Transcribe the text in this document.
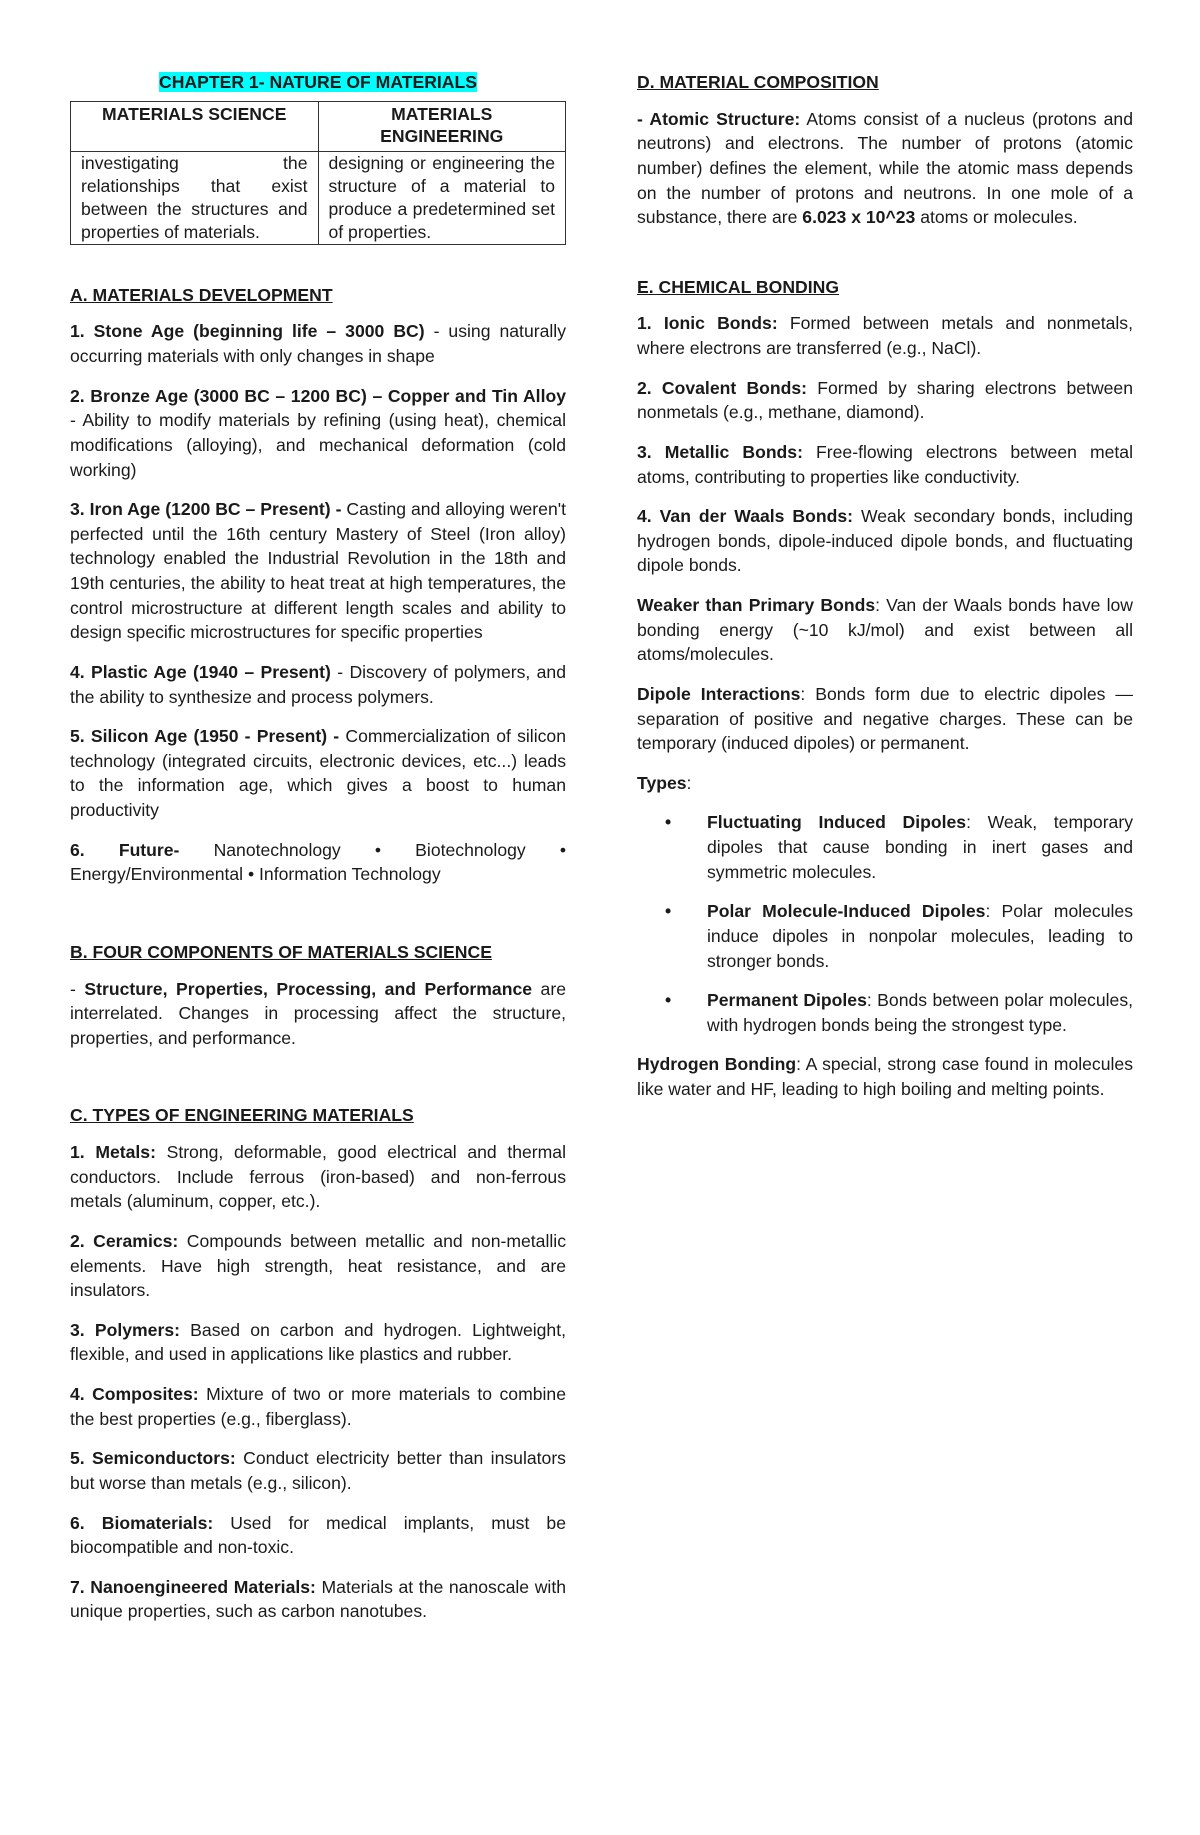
CHAPTER 1- NATURE OF MATERIALS
MATERIALS SCIENCE	MATERIALS ENGINEERING
investigating the relationships that exist between the structures and properties of materials.	designing or engineering the structure of a material to produce a predetermined set of properties.
A. MATERIALS DEVELOPMENT

1. Stone Age (beginning life – 3000 BC) - using naturally occurring materials with only changes in shape

2. Bronze Age (3000 BC – 1200 BC) – Copper and Tin Alloy - Ability to modify materials by refining (using heat), chemical modifications (alloying), and mechanical deformation (cold working)

3. Iron Age (1200 BC – Present) - Casting and alloying weren't perfected until the 16th century Mastery of Steel (Iron alloy) technology enabled the Industrial Revolution in the 18th and 19th centuries, the ability to heat treat at high temperatures, the control microstructure at different length scales and ability to design specific microstructures for specific properties

4. Plastic Age (1940 – Present) - Discovery of polymers, and the ability to synthesize and process polymers.

5. Silicon Age (1950 - Present) - Commercialization of silicon technology (integrated circuits, electronic devices, etc...) leads to the information age, which gives a boost to human productivity

6. Future- Nanotechnology • Biotechnology • Energy/Environmental • Information Technology

B. FOUR COMPONENTS OF MATERIALS SCIENCE

- Structure, Properties, Processing, and Performance are interrelated. Changes in processing affect the structure, properties, and performance.

C. TYPES OF ENGINEERING MATERIALS

1. Metals: Strong, deformable, good electrical and thermal conductors. Include ferrous (iron-based) and non-ferrous metals (aluminum, copper, etc.).

2. Ceramics: Compounds between metallic and non-metallic elements. Have high strength, heat resistance, and are insulators.

3. Polymers: Based on carbon and hydrogen. Lightweight, flexible, and used in applications like plastics and rubber.

4. Composites: Mixture of two or more materials to combine the best properties (e.g., fiberglass).

5. Semiconductors: Conduct electricity better than insulators but worse than metals (e.g., silicon).

6. Biomaterials: Used for medical implants, must be biocompatible and non-toxic.

7. Nanoengineered Materials: Materials at the nanoscale with unique properties, such as carbon nanotubes.

D. MATERIAL COMPOSITION

- Atomic Structure: Atoms consist of a nucleus (protons and neutrons) and electrons. The number of protons (atomic number) defines the element, while the atomic mass depends on the number of protons and neutrons. In one mole of a substance, there are 6.023 x 10^23 atoms or molecules.

E. CHEMICAL BONDING

1. Ionic Bonds: Formed between metals and nonmetals, where electrons are transferred (e.g., NaCl).

2. Covalent Bonds: Formed by sharing electrons between nonmetals (e.g., methane, diamond).

3. Metallic Bonds: Free-flowing electrons between metal atoms, contributing to properties like conductivity.

4. Van der Waals Bonds: Weak secondary bonds, including hydrogen bonds, dipole-induced dipole bonds, and fluctuating dipole bonds.

Weaker than Primary Bonds: Van der Waals bonds have low bonding energy (~10 kJ/mol) and exist between all atoms/molecules.

Dipole Interactions: Bonds form due to electric dipoles —separation of positive and negative charges. These can be temporary (induced dipoles) or permanent.

Types:

• Fluctuating Induced Dipoles: Weak, temporary dipoles that cause bonding in inert gases and symmetric molecules.
• Polar Molecule-Induced Dipoles: Polar molecules induce dipoles in nonpolar molecules, leading to stronger bonds.
• Permanent Dipoles: Bonds between polar molecules, with hydrogen bonds being the strongest type.

Hydrogen Bonding: A special, strong case found in molecules like water and HF, leading to high boiling and melting points.
